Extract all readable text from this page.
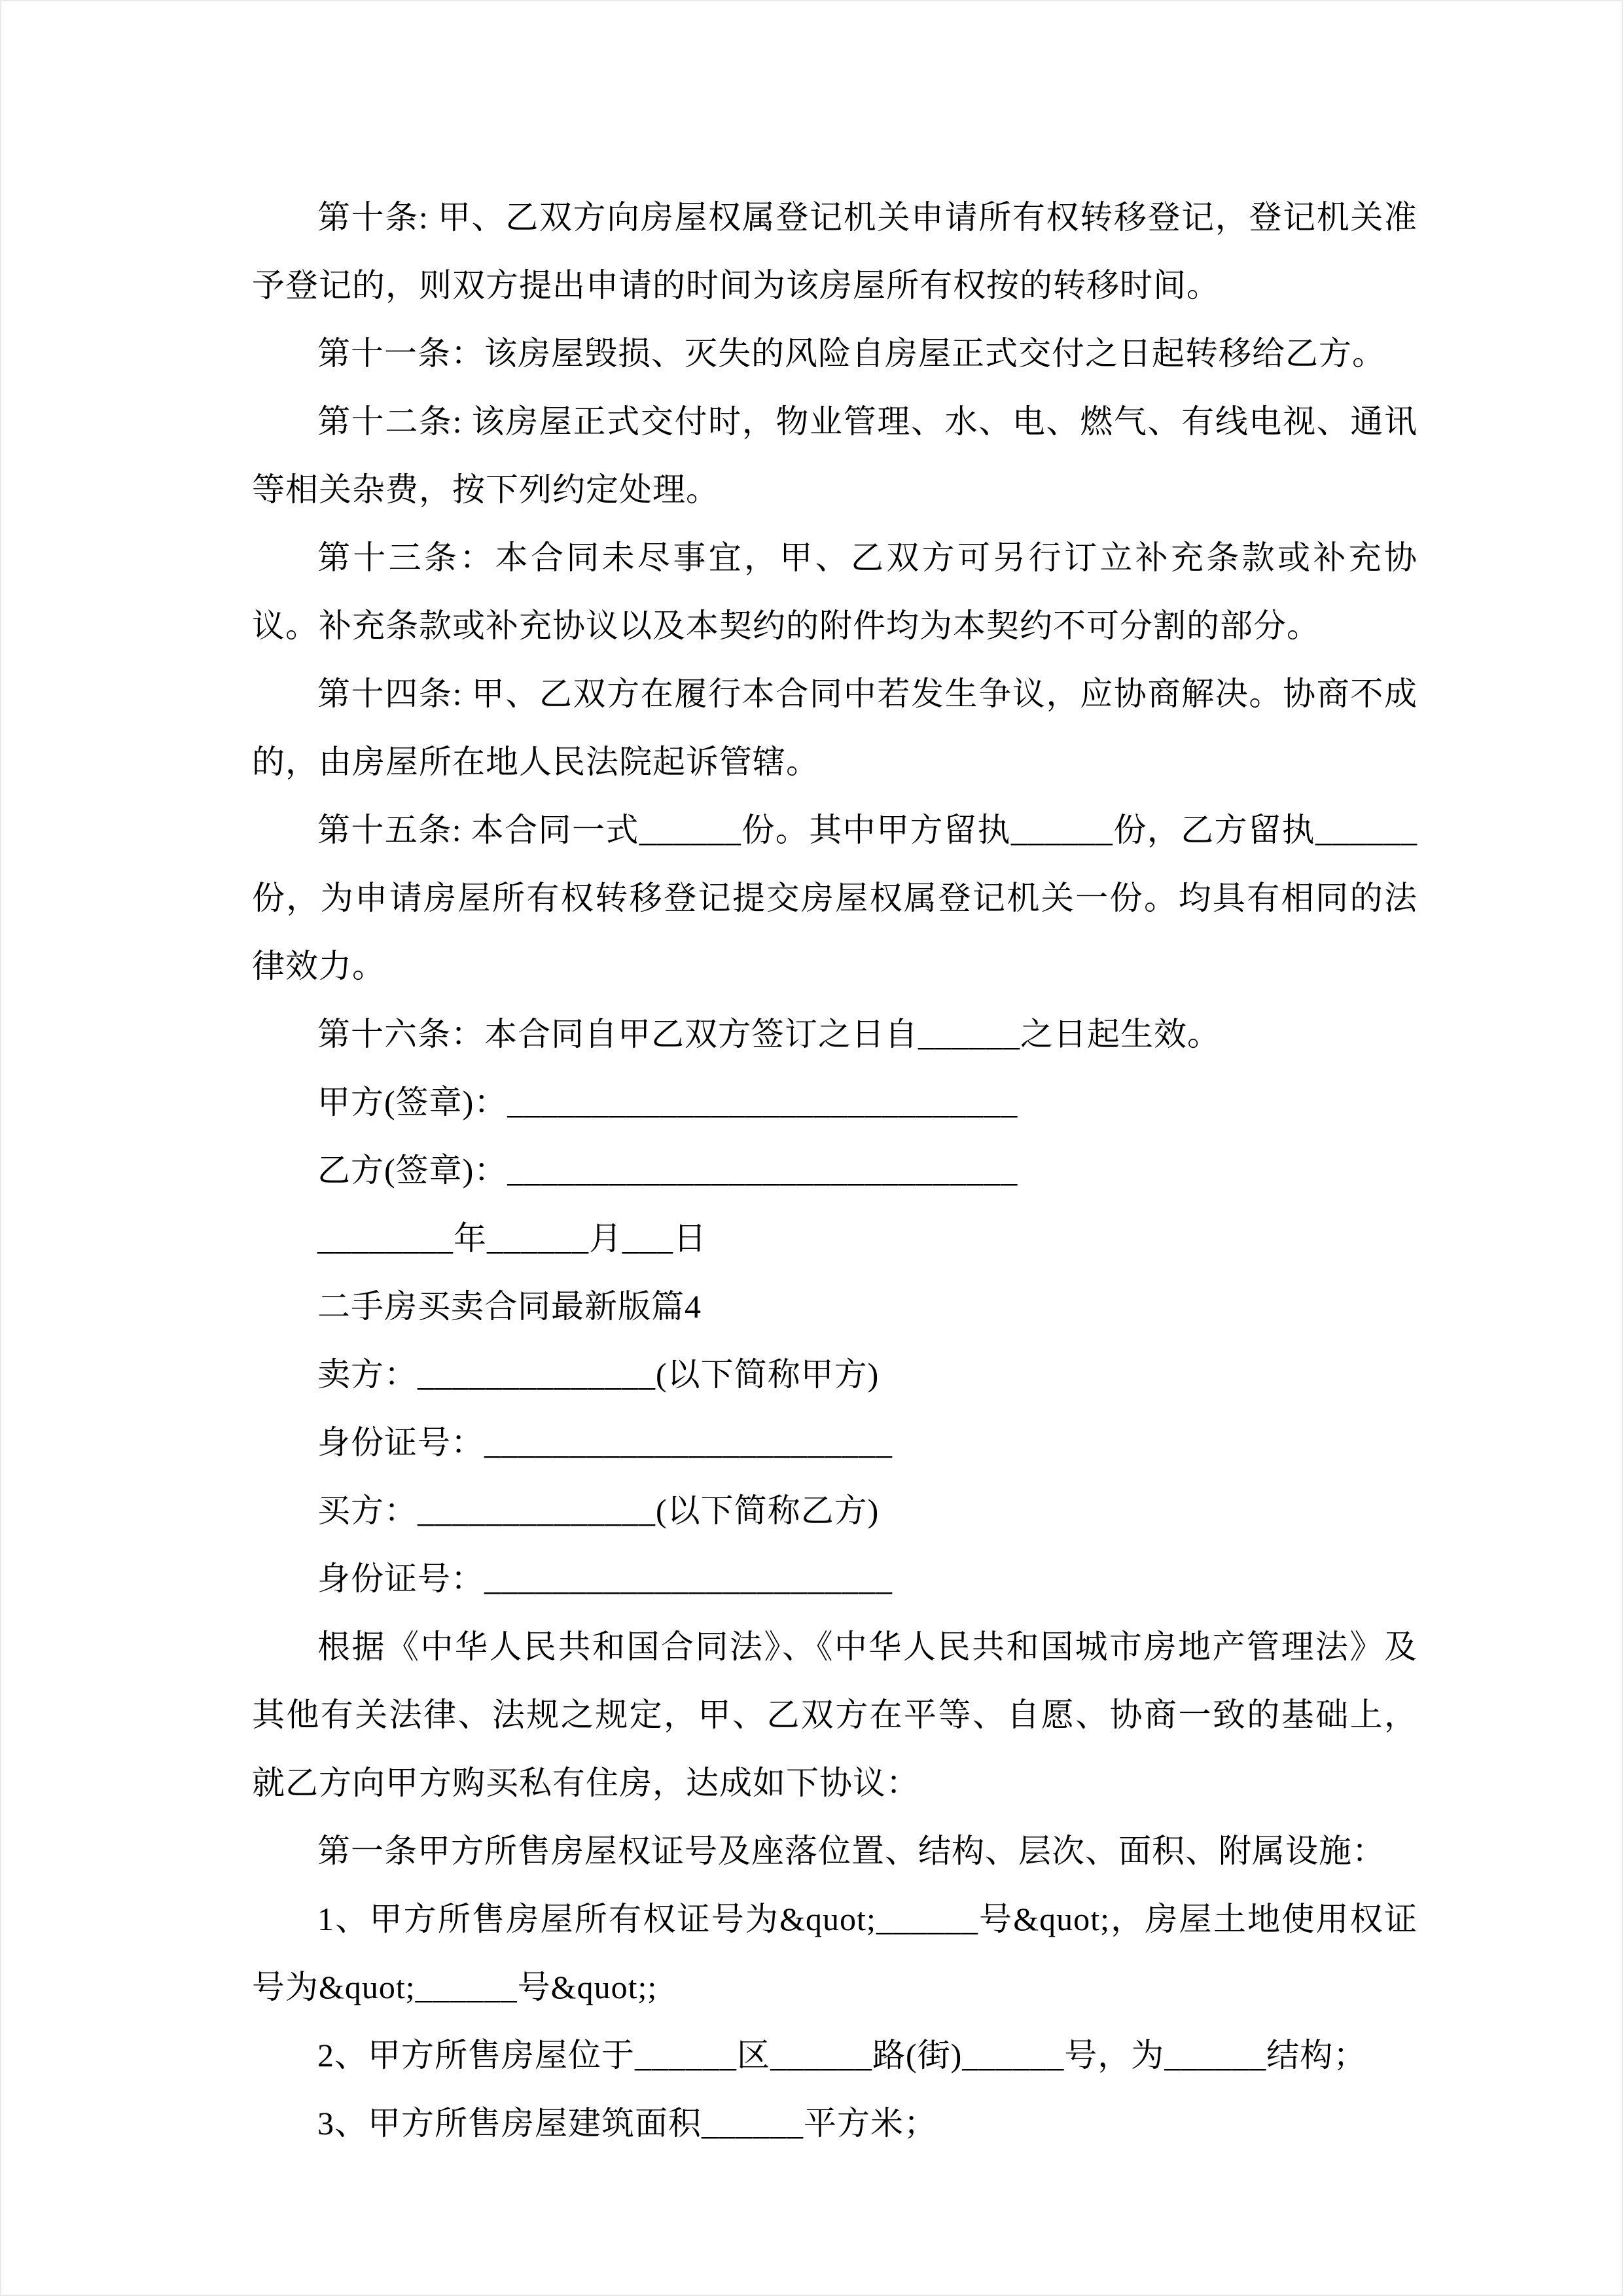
第十条: 甲、乙双方向房屋权属登记机关申请所有权转移登记，登记机关准予登记的，则双方提出申请的时间为该房屋所有权按的转移时间。

第十一条：该房屋毁损、灭失的风险自房屋正式交付之日起转移给乙方。

第十二条: 该房屋正式交付时，物业管理、水、电、燃气、有线电视、通讯等相关杂费，按下列约定处理。

第十三条：本合同未尽事宜，甲、乙双方可另行订立补充条款或补充协议。补充条款或补充协议以及本契约的附件均为本契约不可分割的部分。

第十四条: 甲、乙双方在履行本合同中若发生争议，应协商解决。协商不成的，由房屋所在地人民法院起诉管辖。

第十五条: 本合同一式______份。其中甲方留执______份，乙方留执______份，为申请房屋所有权转移登记提交房屋权属登记机关一份。均具有相同的法律效力。

第十六条：本合同自甲乙双方签订之日自______之日起生效。

甲方(签章)：______________________________

乙方(签章)：______________________________

________年______月___日

二手房买卖合同最新版篇4

卖方：______________(以下简称甲方)

身份证号：________________________

买方：______________(以下简称乙方)

身份证号：________________________

根据《中华人民共和国合同法》、《中华人民共和国城市房地产管理法》及其他有关法律、法规之规定，甲、乙双方在平等、自愿、协商一致的基础上，就乙方向甲方购买私有住房，达成如下协议：

第一条甲方所售房屋权证号及座落位置、结构、层次、面积、附属设施：

1、甲方所售房屋所有权证号为&quot;______号&quot;，房屋土地使用权证号为&quot;______号&quot;;

2、甲方所售房屋位于______区______路(街)______号，为______结构；

3、甲方所售房屋建筑面积______平方米；
